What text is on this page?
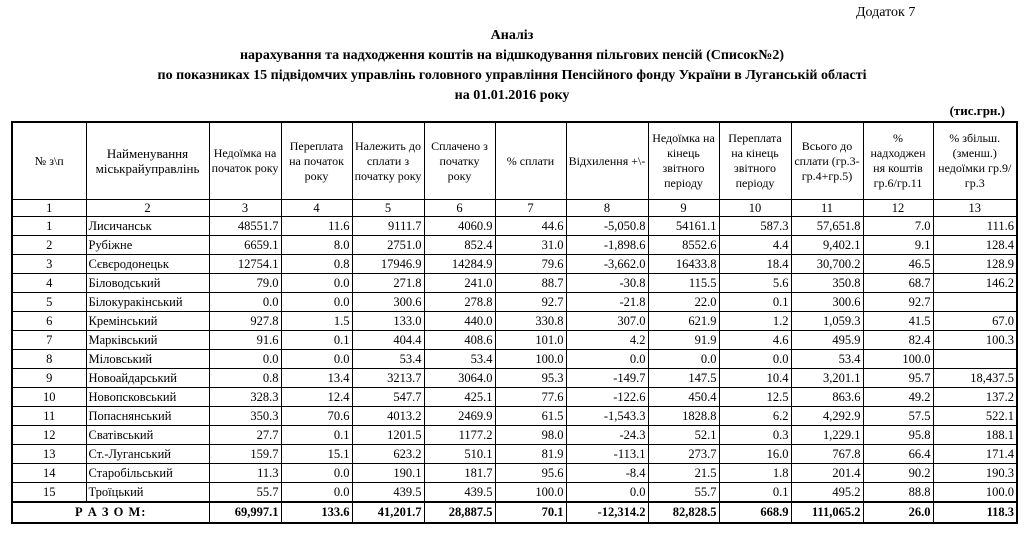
Додаток 7
Аналіз
нарахування та надходження коштів на відшкодування пільгових пенсій (Список№2)
по показниках 15 підвідомчих управлінь головного управління Пенсійного фонду України в Луганській області
на 01.01.2016 року
(тис.грн.)
№ з\п	Найменування міськрайуправлінь	Недоїмка на початок року	Переплата на початок року	Належить до сплати з початку року	Сплачено з початку року	% сплати	Відхилення +\-	Недоїмка на кінець звітного періоду	Переплата на кінець звітного періоду	Всього до сплати (гр.3-гр.4+гр.5)	% надходжен ня коштів гр.6/гр.11	% збільш. (зменш.) недоїмки гр.9/гр.3
1	2	3	4	5	6	7	8	9	10	11	12	13
1	Лисичанськ	48551.7	11.6	9111.7	4060.9	44.6	-5,050.8	54161.1	587.3	57,651.8	7.0	111.6
2	Рубіжне	6659.1	8.0	2751.0	852.4	31.0	-1,898.6	8552.6	4.4	9,402.1	9.1	128.4
3	Сєвєродонецьк	12754.1	0.8	17946.9	14284.9	79.6	-3,662.0	16433.8	18.4	30,700.2	46.5	128.9
4	Біловодський	79.0	0.0	271.8	241.0	88.7	-30.8	115.5	5.6	350.8	68.7	146.2
5	Білокуракінський	0.0	0.0	300.6	278.8	92.7	-21.8	22.0	0.1	300.6	92.7	
6	Кремінський	927.8	1.5	133.0	440.0	330.8	307.0	621.9	1.2	1,059.3	41.5	67.0
7	Марківський	91.6	0.1	404.4	408.6	101.0	4.2	91.9	4.6	495.9	82.4	100.3
8	Міловський	0.0	0.0	53.4	53.4	100.0	0.0	0.0	0.0	53.4	100.0	
9	Новоайдарський	0.8	13.4	3213.7	3064.0	95.3	-149.7	147.5	10.4	3,201.1	95.7	18,437.5
10	Новопсковський	328.3	12.4	547.7	425.1	77.6	-122.6	450.4	12.5	863.6	49.2	137.2
11	Попаснянський	350.3	70.6	4013.2	2469.9	61.5	-1,543.3	1828.8	6.2	4,292.9	57.5	522.1
12	Сватівський	27.7	0.1	1201.5	1177.2	98.0	-24.3	52.1	0.3	1,229.1	95.8	188.1
13	Ст.-Луганський	159.7	15.1	623.2	510.1	81.9	-113.1	273.7	16.0	767.8	66.4	171.4
14	Старобільський	11.3	0.0	190.1	181.7	95.6	-8.4	21.5	1.8	201.4	90.2	190.3
15	Троїцький	55.7	0.0	439.5	439.5	100.0	0.0	55.7	0.1	495.2	88.8	100.0
Р А З О М:		69,997.1	133.6	41,201.7	28,887.5	70.1	-12,314.2	82,828.5	668.9	111,065.2	26.0	118.3
